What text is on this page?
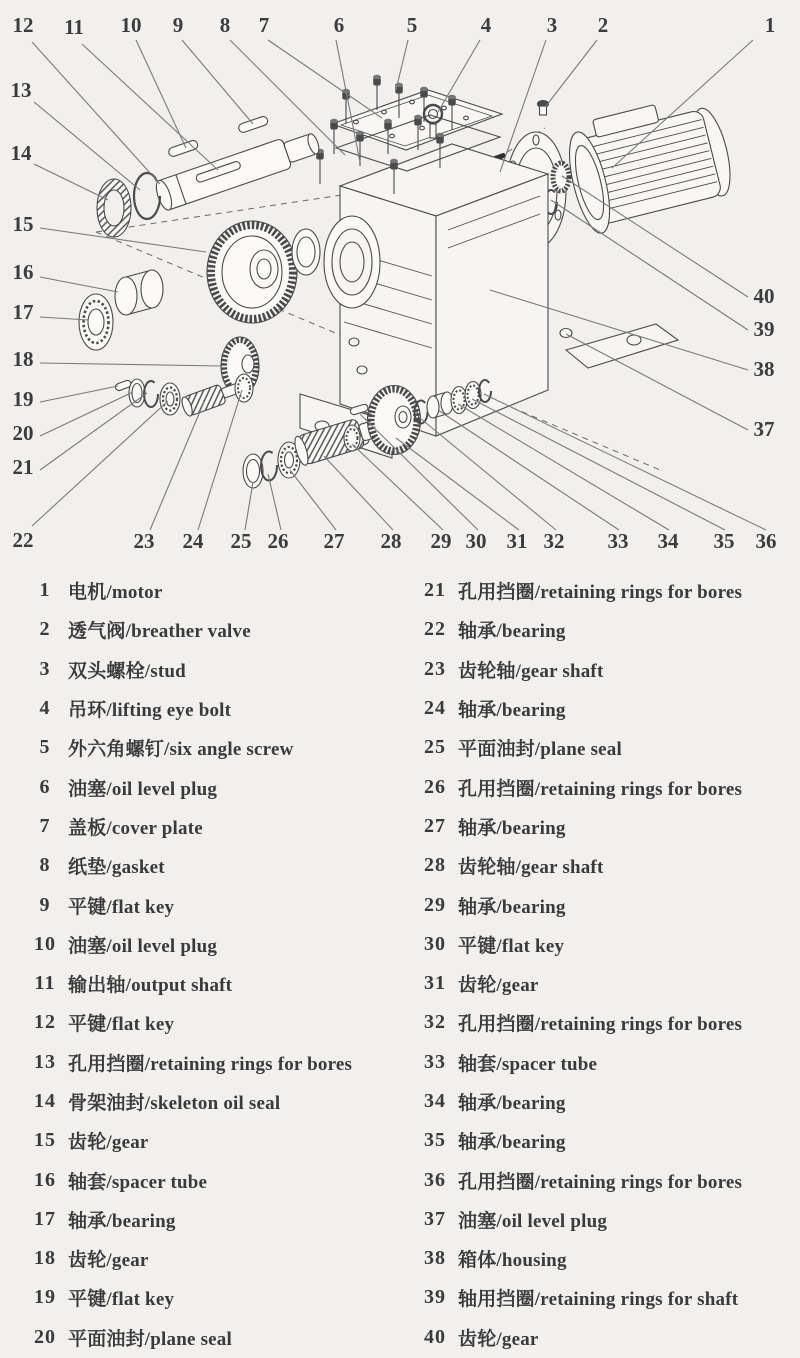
1
2
3
4
5
6
7
8
9
10
11
12
13
14
15
16
17
18
19
20
21
22	23 24 25 26 27 28 29 30 31 32 33 34 35 36
37
38
39
40
1 电机/motor
2 透气阀/breather valve
3 双头螺栓/stud
4 吊环/lifting eye bolt
5 外六角螺钉/six angle screw
6 油塞/oil level plug
7 盖板/cover plate
8 纸垫/gasket
9 平键/flat key
10 油塞/oil level plug
11 输出轴/output shaft
12 平键/flat key
13 孔用挡圈/retaining rings for bores
14 骨架油封/skeleton oil seal
15 齿轮/gear
16 轴套/spacer tube
17 轴承/bearing
18 齿轮/gear
19 平键/flat key
20 平面油封/plane seal
21 孔用挡圈/retaining rings for bores
22 轴承/bearing
23 齿轮轴/gear shaft
24 轴承/bearing
25 平面油封/plane seal
26 孔用挡圈/retaining rings for bores
27 轴承/bearing
28 齿轮轴/gear shaft
29 轴承/bearing
30 平键/flat key
31 齿轮/gear
32 孔用挡圈/retaining rings for bores
33 轴套/spacer tube
34 轴承/bearing
35 轴承/bearing
36 孔用挡圈/retaining rings for bores
37 油塞/oil level plug
38 箱体/housing
39 轴用挡圈/retaining rings for shaft
40 齿轮/gear
